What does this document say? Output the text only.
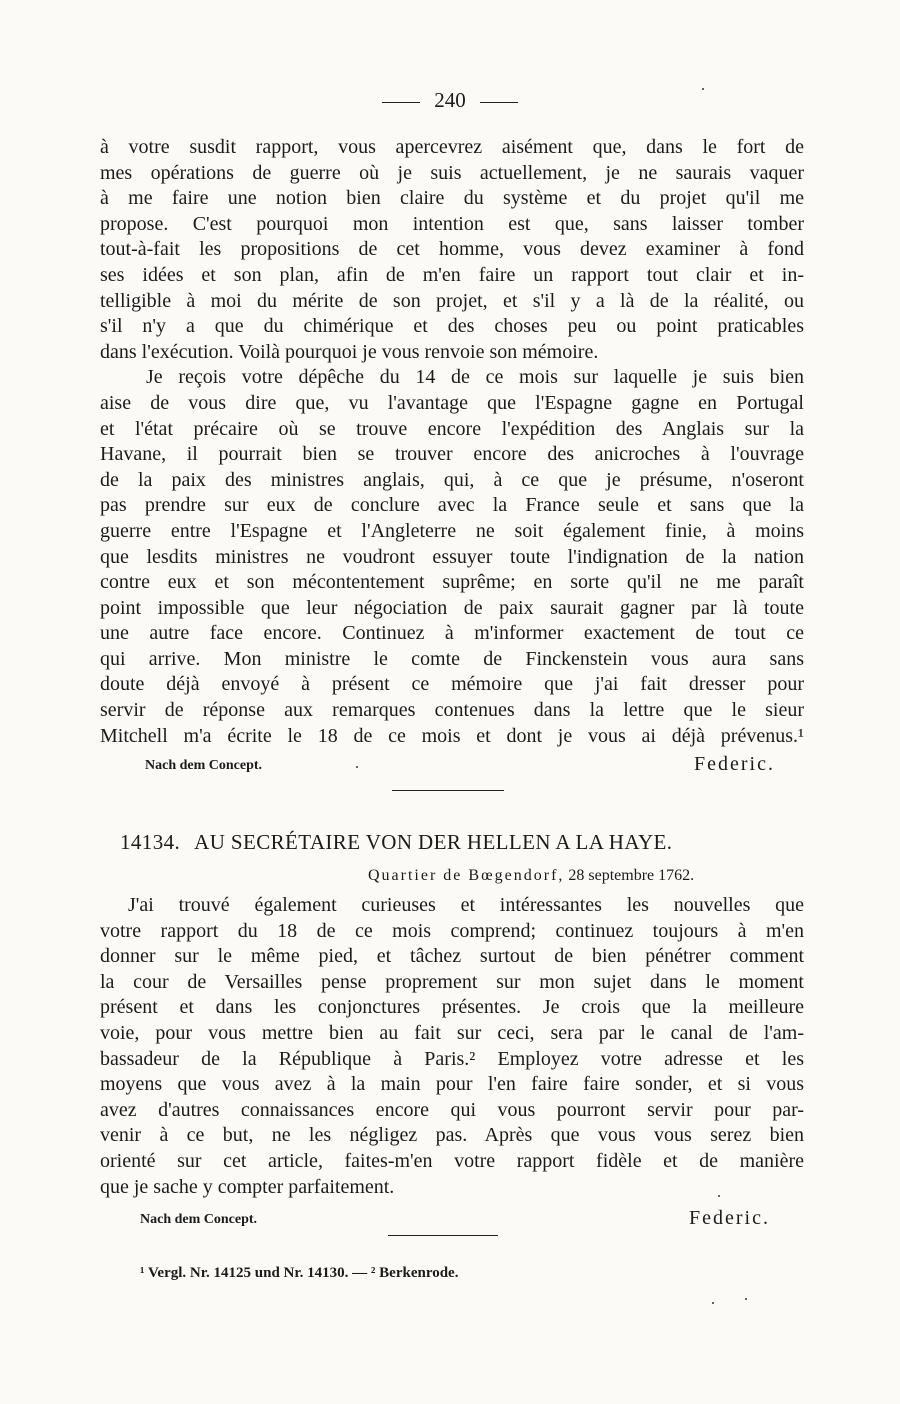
240
à votre susdit rapport, vous apercevrez aisément que, dans le fort de
mes opérations de guerre où je suis actuellement, je ne saurais vaquer
à me faire une notion bien claire du système et du projet qu'il me
propose. C'est pourquoi mon intention est que, sans laisser tomber
tout-à-fait les propositions de cet homme, vous devez examiner à fond
ses idées et son plan, afin de m'en faire un rapport tout clair et in-
telligible à moi du mérite de son projet, et s'il y a là de la réalité, ou
s'il n'y a que du chimérique et des choses peu ou point praticables
dans l'exécution. Voilà pourquoi je vous renvoie son mémoire.
Je reçois votre dépêche du 14 de ce mois sur laquelle je suis bien
aise de vous dire que, vu l'avantage que l'Espagne gagne en Portugal
et l'état précaire où se trouve encore l'expédition des Anglais sur la
Havane, il pourrait bien se trouver encore des anicroches à l'ouvrage
de la paix des ministres anglais, qui, à ce que je présume, n'oseront
pas prendre sur eux de conclure avec la France seule et sans que la
guerre entre l'Espagne et l'Angleterre ne soit également finie, à moins
que lesdits ministres ne voudront essuyer toute l'indignation de la nation
contre eux et son mécontentement suprême; en sorte qu'il ne me paraît
point impossible que leur négociation de paix saurait gagner par là toute
une autre face encore. Continuez à m'informer exactement de tout ce
qui arrive. Mon ministre le comte de Finckenstein vous aura sans
doute déjà envoyé à présent ce mémoire que j'ai fait dresser pour
servir de réponse aux remarques contenues dans la lettre que le sieur
Mitchell m'a écrite le 18 de ce mois et dont je vous ai déjà prévenus.¹
Nach dem Concept.	Federic.
14134. AU SECRÉTAIRE VON DER HELLEN A LA HAYE.
Quartier de Bœgendorf, 28 septembre 1762.
J'ai trouvé également curieuses et intéressantes les nouvelles que
votre rapport du 18 de ce mois comprend; continuez toujours à m'en
donner sur le même pied, et tâchez surtout de bien pénétrer comment
la cour de Versailles pense proprement sur mon sujet dans le moment
présent et dans les conjonctures présentes. Je crois que la meilleure
voie, pour vous mettre bien au fait sur ceci, sera par le canal de l'am-
bassadeur de la République à Paris.² Employez votre adresse et les
moyens que vous avez à la main pour l'en faire faire sonder, et si vous
avez d'autres connaissances encore qui vous pourront servir pour par-
venir à ce but, ne les négligez pas. Après que vous vous serez bien
orienté sur cet article, faites-m'en votre rapport fidèle et de manière
que je sache y compter parfaitement.
Nach dem Concept.	Federic.
¹ Vergl. Nr. 14125 und Nr. 14130. — ² Berkenrode.
